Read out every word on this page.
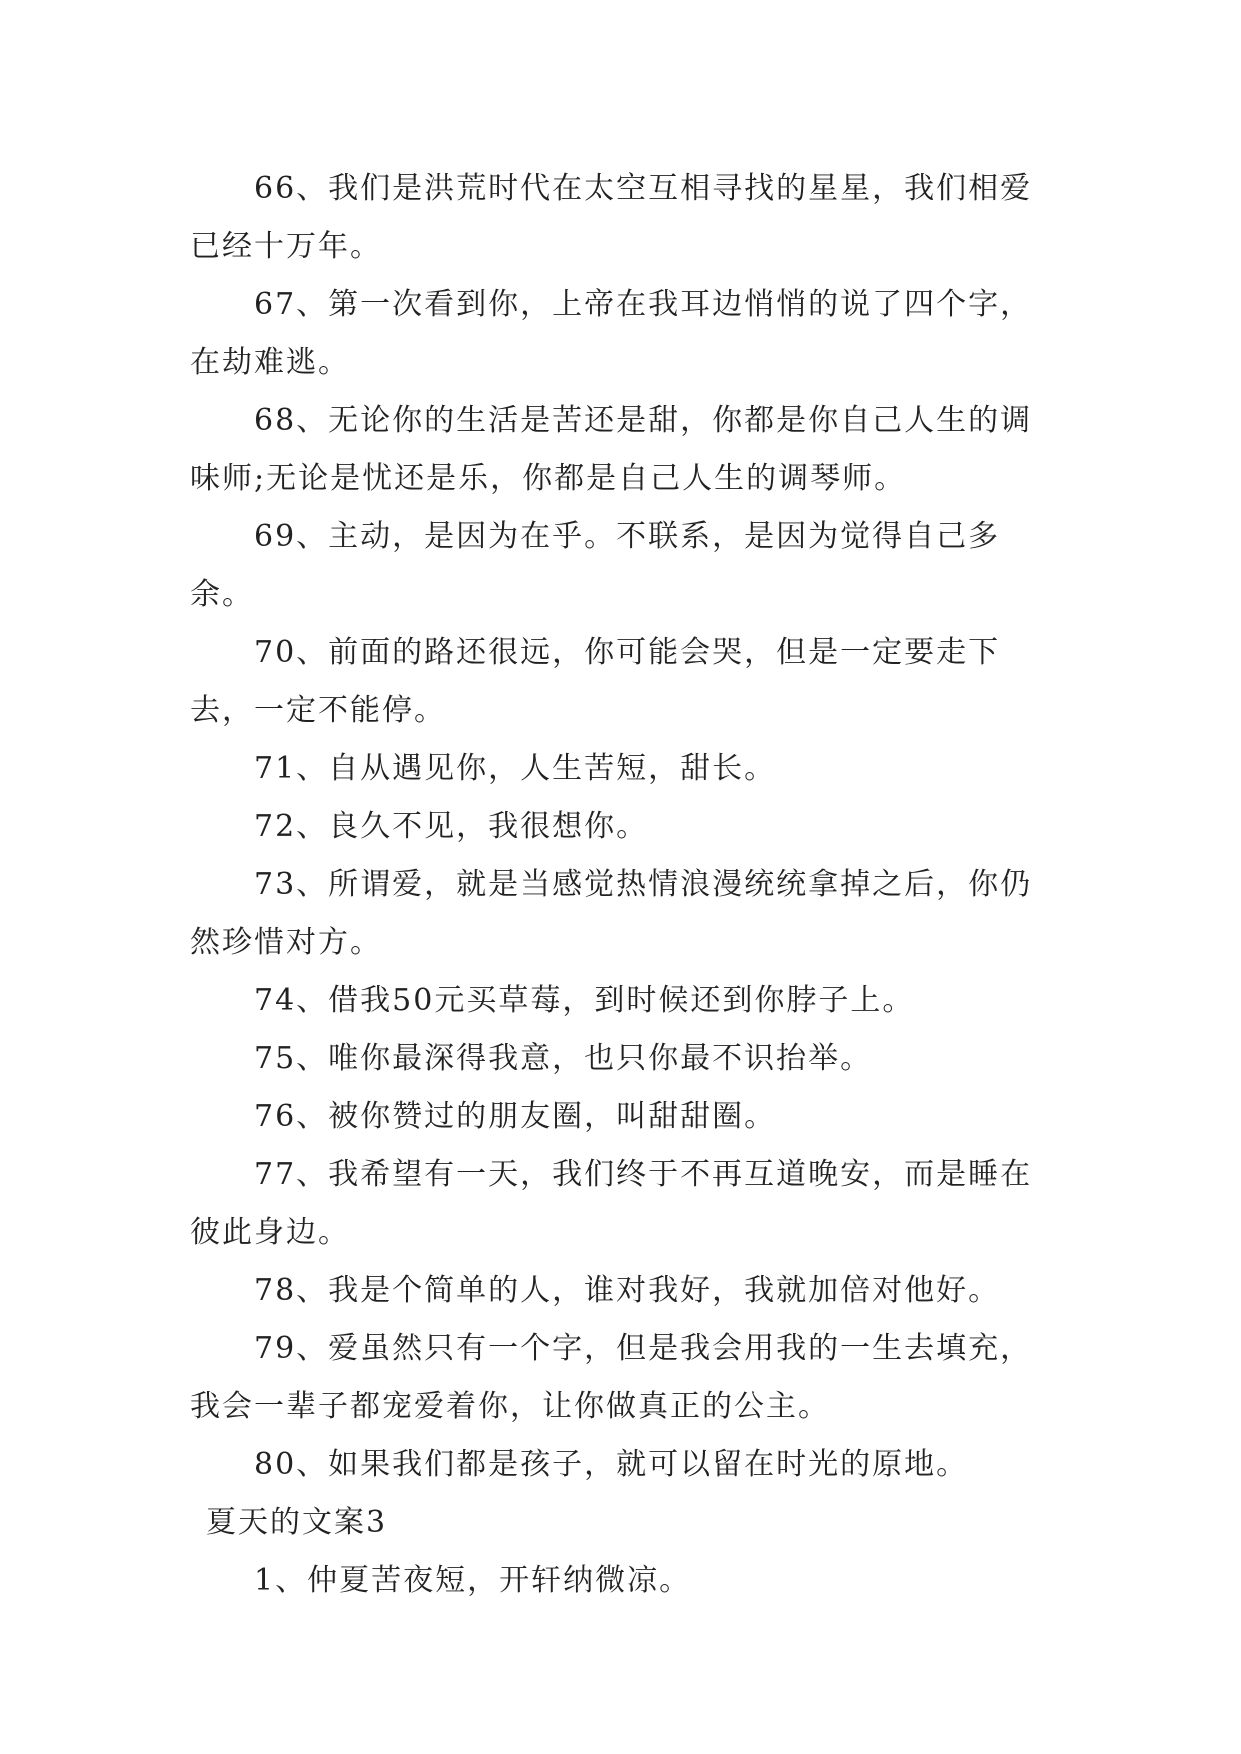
66、我们是洪荒时代在太空互相寻找的星星，我们相爱已经十万年。

67、第一次看到你，上帝在我耳边悄悄的说了四个字，在劫难逃。

68、无论你的生活是苦还是甜，你都是你自己人生的调味师;无论是忧还是乐，你都是自己人生的调琴师。

69、主动，是因为在乎。不联系，是因为觉得自己多余。

70、前面的路还很远，你可能会哭，但是一定要走下去，一定不能停。

71、自从遇见你，人生苦短，甜长。

72、良久不见，我很想你。

73、所谓爱，就是当感觉热情浪漫统统拿掉之后，你仍然珍惜对方。

74、借我50元买草莓，到时候还到你脖子上。

75、唯你最深得我意，也只你最不识抬举。

76、被你赞过的朋友圈，叫甜甜圈。

77、我希望有一天，我们终于不再互道晚安，而是睡在彼此身边。

78、我是个简单的人，谁对我好，我就加倍对他好。

79、爱虽然只有一个字，但是我会用我的一生去填充，我会一辈子都宠爱着你，让你做真正的公主。

80、如果我们都是孩子，就可以留在时光的原地。

夏天的文案3

1、仲夏苦夜短，开轩纳微凉。
